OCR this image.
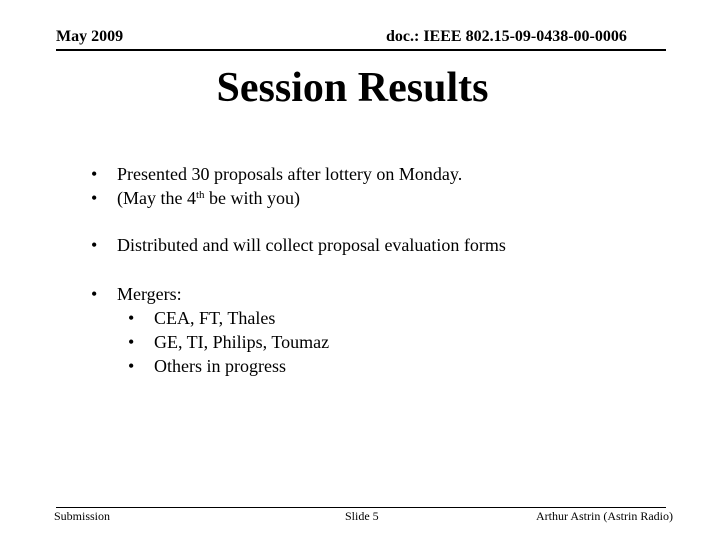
May 2009	doc.: IEEE 802.15-09-0438-00-0006
Session Results
• Presented 30 proposals after lottery on Monday.
• (May the 4th be with you)
• Distributed and will collect proposal evaluation forms
• Mergers:
• CEA, FT, Thales
• GE, TI, Philips, Toumaz
• Others in progress
Submission	Slide 5	Arthur Astrin (Astrin Radio)
